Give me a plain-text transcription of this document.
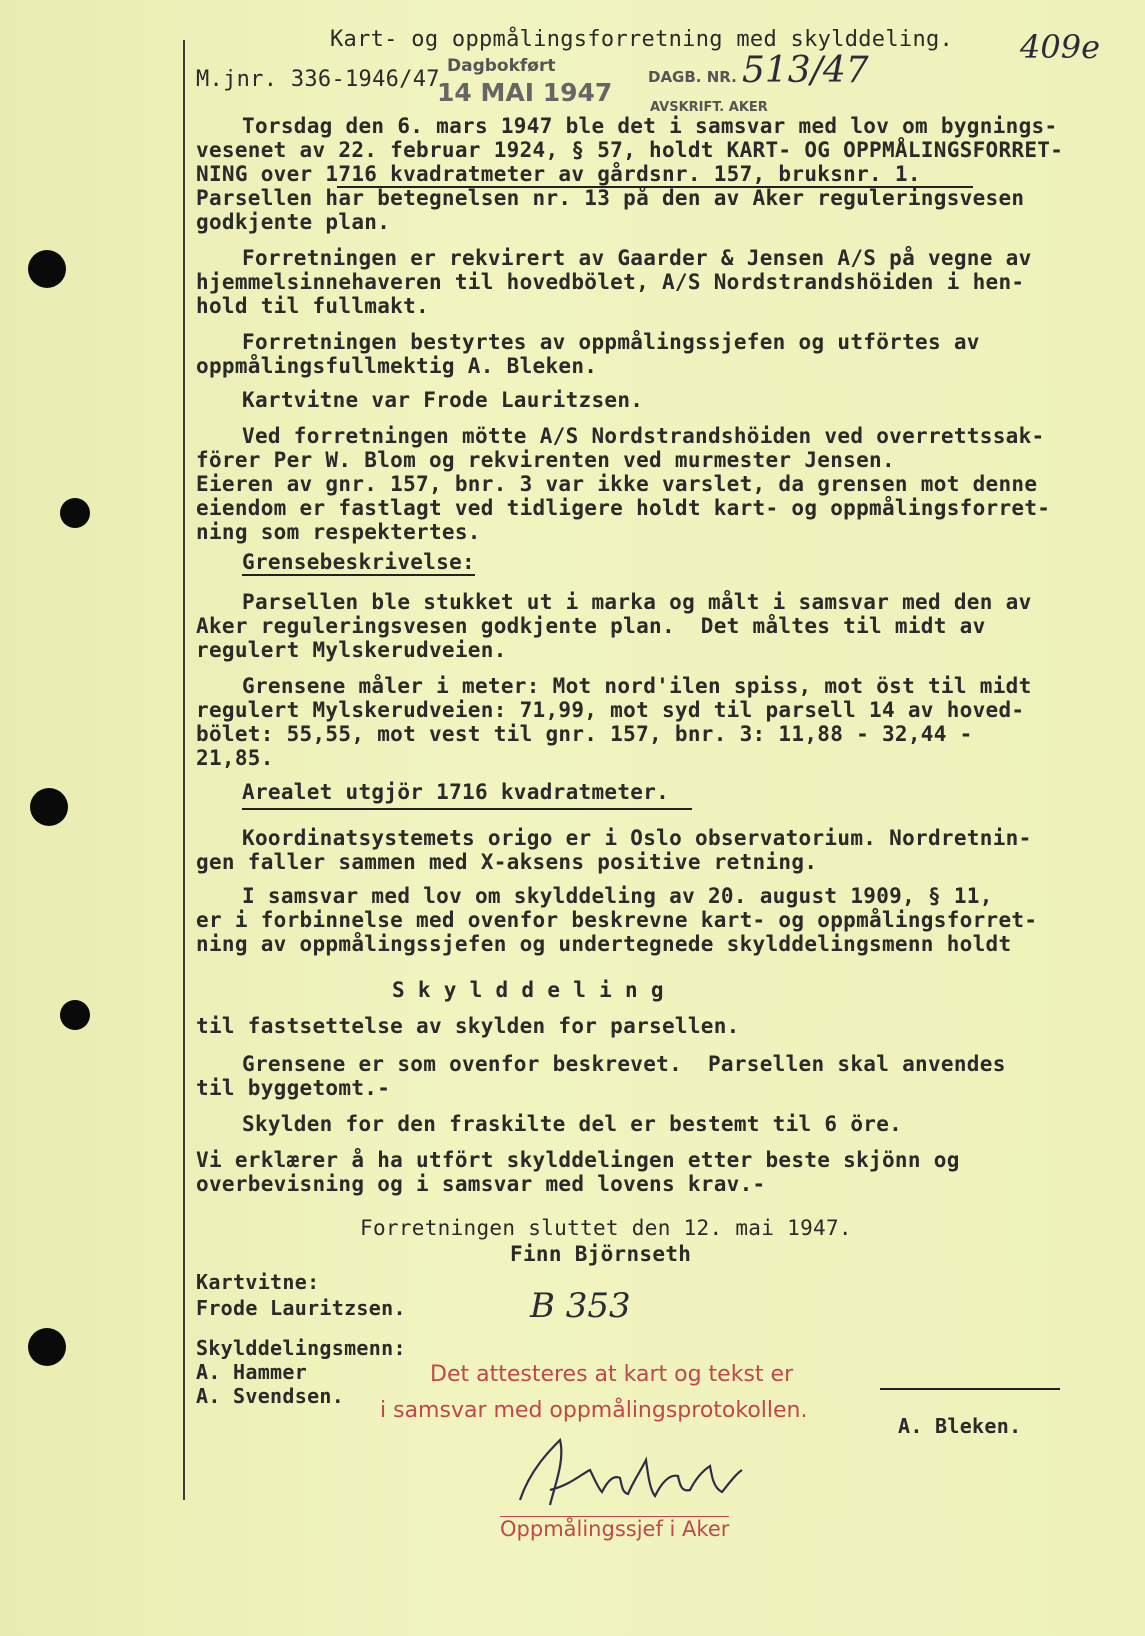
Kart- og oppmålingsforretning med skylddeling. 409e
M.jnr. 336-1946/47
Dagbokført
14 MAI 1947
DAGB. NR. 513/47
AVSKRIFT. AKER
Torsdag den 6. mars 1947 ble det i samsvar med lov om bygnings-
vesenet av 22. februar 1924, § 57, holdt KART- OG OPPMÅLINGSFORRET-
NING over 1716 kvadratmeter av gårdsnr. 157, bruksnr. 1.
Parsellen har betegnelsen nr. 13 på den av Aker reguleringsvesen
godkjente plan.
Forretningen er rekvirert av Gaarder & Jensen A/S på vegne av
hjemmelsinnehaveren til hovedbölet, A/S Nordstrandshöiden i hen-
hold til fullmakt.
Forretningen bestyrtes av oppmålingssjefen og utförtes av
oppmålingsfullmektig A. Bleken.
Kartvitne var Frode Lauritzsen.
Ved forretningen mötte A/S Nordstrandshöiden ved overrettssak-
förer Per W. Blom og rekvirenten ved murmester Jensen.
Eieren av gnr. 157, bnr. 3 var ikke varslet, da grensen mot denne
eiendom er fastlagt ved tidligere holdt kart- og oppmålingsforret-
ning som respektertes.
Grensebeskrivelse:
Parsellen ble stukket ut i marka og målt i samsvar med den av
Aker reguleringsvesen godkjente plan.  Det måltes til midt av
regulert Mylskerudveien.
Grensene måler i meter: Mot nord'ilen spiss, mot öst til midt
regulert Mylskerudveien: 71,99, mot syd til parsell 14 av hoved-
bölet: 55,55, mot vest til gnr. 157, bnr. 3: 11,88 - 32,44 -
21,85.
Arealet utgjör 1716 kvadratmeter.
Koordinatsystemets origo er i Oslo observatorium. Nordretnin-
gen faller sammen med X-aksens positive retning.
I samsvar med lov om skylddeling av 20. august 1909, § 11,
er i forbinnelse med ovenfor beskrevne kart- og oppmålingsforret-
ning av oppmålingssjefen og undertegnede skylddelingsmenn holdt
S k y l d d e l i n g
til fastsettelse av skylden for parsellen.
Grensene er som ovenfor beskrevet.  Parsellen skal anvendes
til byggetomt.-
Skylden for den fraskilte del er bestemt til 6 öre.
Vi erklærer å ha utfört skylddelingen etter beste skjönn og
overbevisning og i samsvar med lovens krav.-
Forretningen sluttet den 12. mai 1947.
Finn Björnseth
Kartvitne:
Frode Lauritzsen.	B 353
Skylddelingsmenn:
A. Hammer
A. Svendsen.
A. Bleken.
Det attesteres at kart og tekst er
i samsvar med oppmålingsprotokollen.
Oppmålingssjef i Aker
